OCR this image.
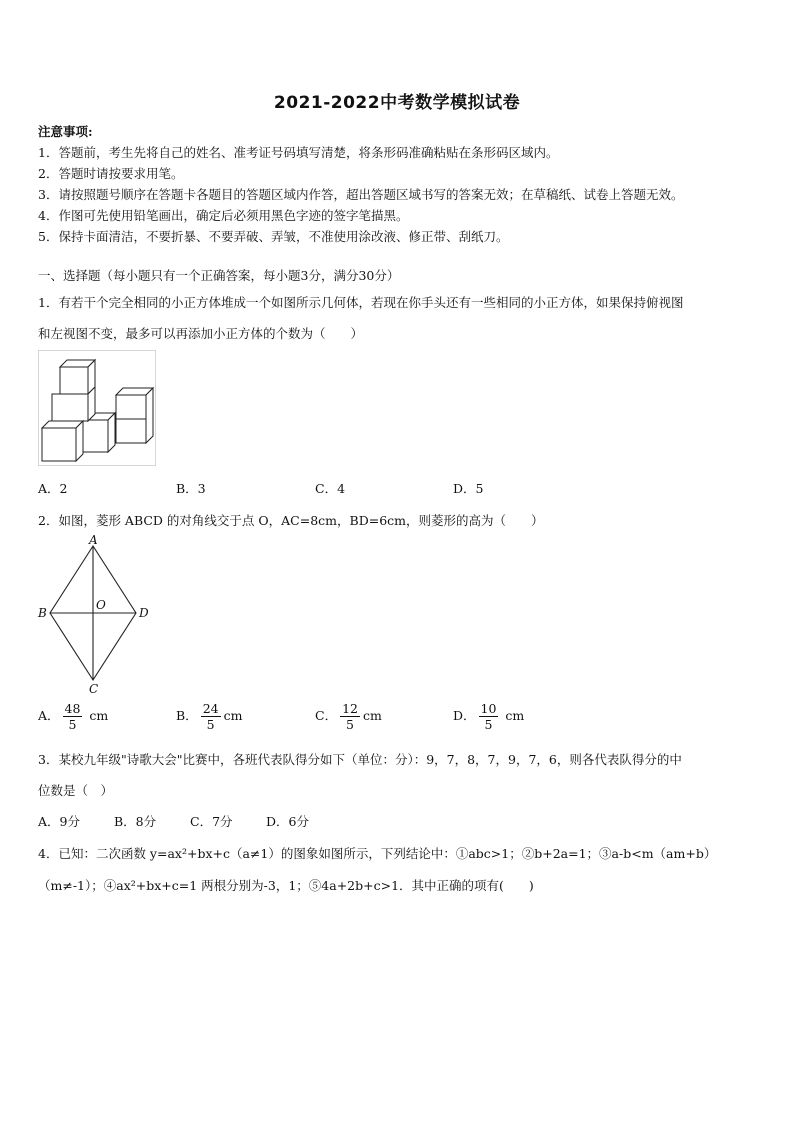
2021-2022中考数学模拟试卷
注意事项:
1．答题前，考生先将自己的姓名、准考证号码填写清楚，将条形码准确粘贴在条形码区域内。
2．答题时请按要求用笔。
3．请按照题号顺序在答题卡各题目的答题区域内作答，超出答题区域书写的答案无效；在草稿纸、试卷上答题无效。
4．作图可先使用铅笔画出，确定后必须用黑色字迹的签字笔描黑。
5．保持卡面清洁，不要折暴、不要弄破、弄皱，不准使用涂改液、修正带、刮纸刀。
一、选择题（每小题只有一个正确答案，每小题3分，满分30分）
1．有若干个完全相同的小正方体堆成一个如图所示几何体，若现在你手头还有一些相同的小正方体，如果保持俯视图
和左视图不变，最多可以再添加小正方体的个数为（　　）
A．2	B．3	C．4	D．5
2．如图，菱形 ABCD 的对角线交于点 O，AC=8cm，BD=6cm，则菱形的高为（　　）
A
B
C
D
O
A． $\frac{48}{5}$ cm	B． $\frac{24}{5}$ cm	C． $\frac{12}{5}$ cm	D． $\frac{10}{5}$ cm
3．某校九年级"诗歌大会"比赛中，各班代表队得分如下（单位：分）：9，7，8，7，9，7，6，则各代表队得分的中
位数是（　）
A．9分	B．8分	C．7分	D．6分
4．已知：二次函数 y=ax²+bx+c（a≠1）的图象如图所示，下列结论中：①abc>1；②b+2a=1；③a-b<m（am+b）
（m≠-1）；④ax²+bx+c=1 两根分别为-3，1；⑤4a+2b+c>1．其中正确的项有(　　)
